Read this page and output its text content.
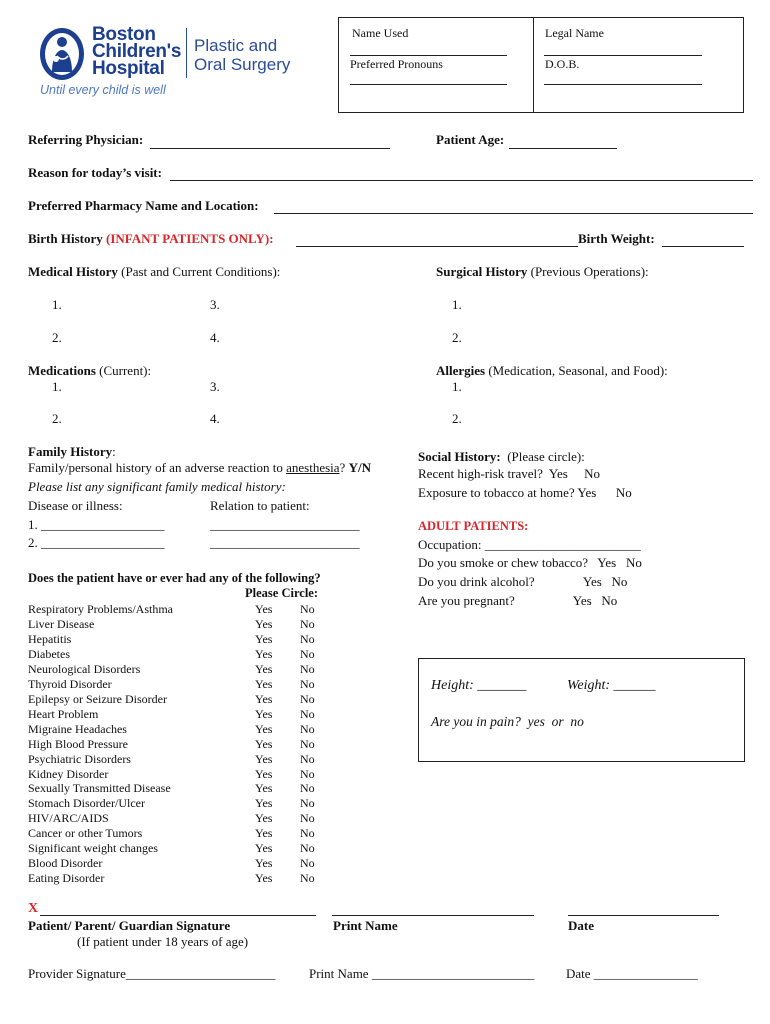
Boston
Children's
Hospital
Plastic and
Oral Surgery
Until every child is well
Name Used	Legal Name
Preferred Pronouns	D.O.B.
Referring Physician:	Patient Age:
Reason for today’s visit:
Preferred Pharmacy Name and Location:
Birth History (INFANT PATIENTS ONLY):	Birth Weight:
Medical History (Past and Current Conditions):
1.	3.
2.	4.
Surgical History (Previous Operations):
1.
2.
Medications (Current):
1.	3.
2.	4.
Allergies (Medication, Seasonal, and Food):
1.
2.
Family History:
Family/personal history of an adverse reaction to anesthesia? Y/N
Please list any significant family medical history:
Disease or illness:	Relation to patient:
1. ___________________	_______________________
2. ___________________	_______________________
Does the patient have or ever had any of the following?
Please Circle:
Respiratory Problems/Asthma	Yes No
Liver Disease	Yes No
Hepatitis	Yes No
Diabetes	Yes No
Neurological Disorders	Yes No
Thyroid Disorder	Yes No
Epilepsy or Seizure Disorder	Yes No
Heart Problem	Yes No
Migraine Headaches	Yes No
High Blood Pressure	Yes No
Psychiatric Disorders	Yes No
Kidney Disorder	Yes No
Sexually Transmitted Disease	Yes No
Stomach Disorder/Ulcer	Yes No
HIV/ARC/AIDS	Yes No
Cancer or other Tumors	Yes No
Significant weight changes	Yes No
Blood Disorder	Yes No
Eating Disorder	Yes No
Social History:  (Please circle):
Recent high-risk travel?  Yes     No
Exposure to tobacco at home? Yes      No
ADULT PATIENTS:
Occupation: ________________________
Do you smoke or chew tobacco?   Yes   No
Do you drink alcohol?               Yes   No
Are you pregnant?                  Yes   No
Height: _______	Weight: ______
Are you in pain?  yes  or  no
X
Patient/ Parent/ Guardian Signature	Print Name	Date
(If patient under 18 years of age)
Provider Signature_______________________	Print Name _________________________ Date ________________
